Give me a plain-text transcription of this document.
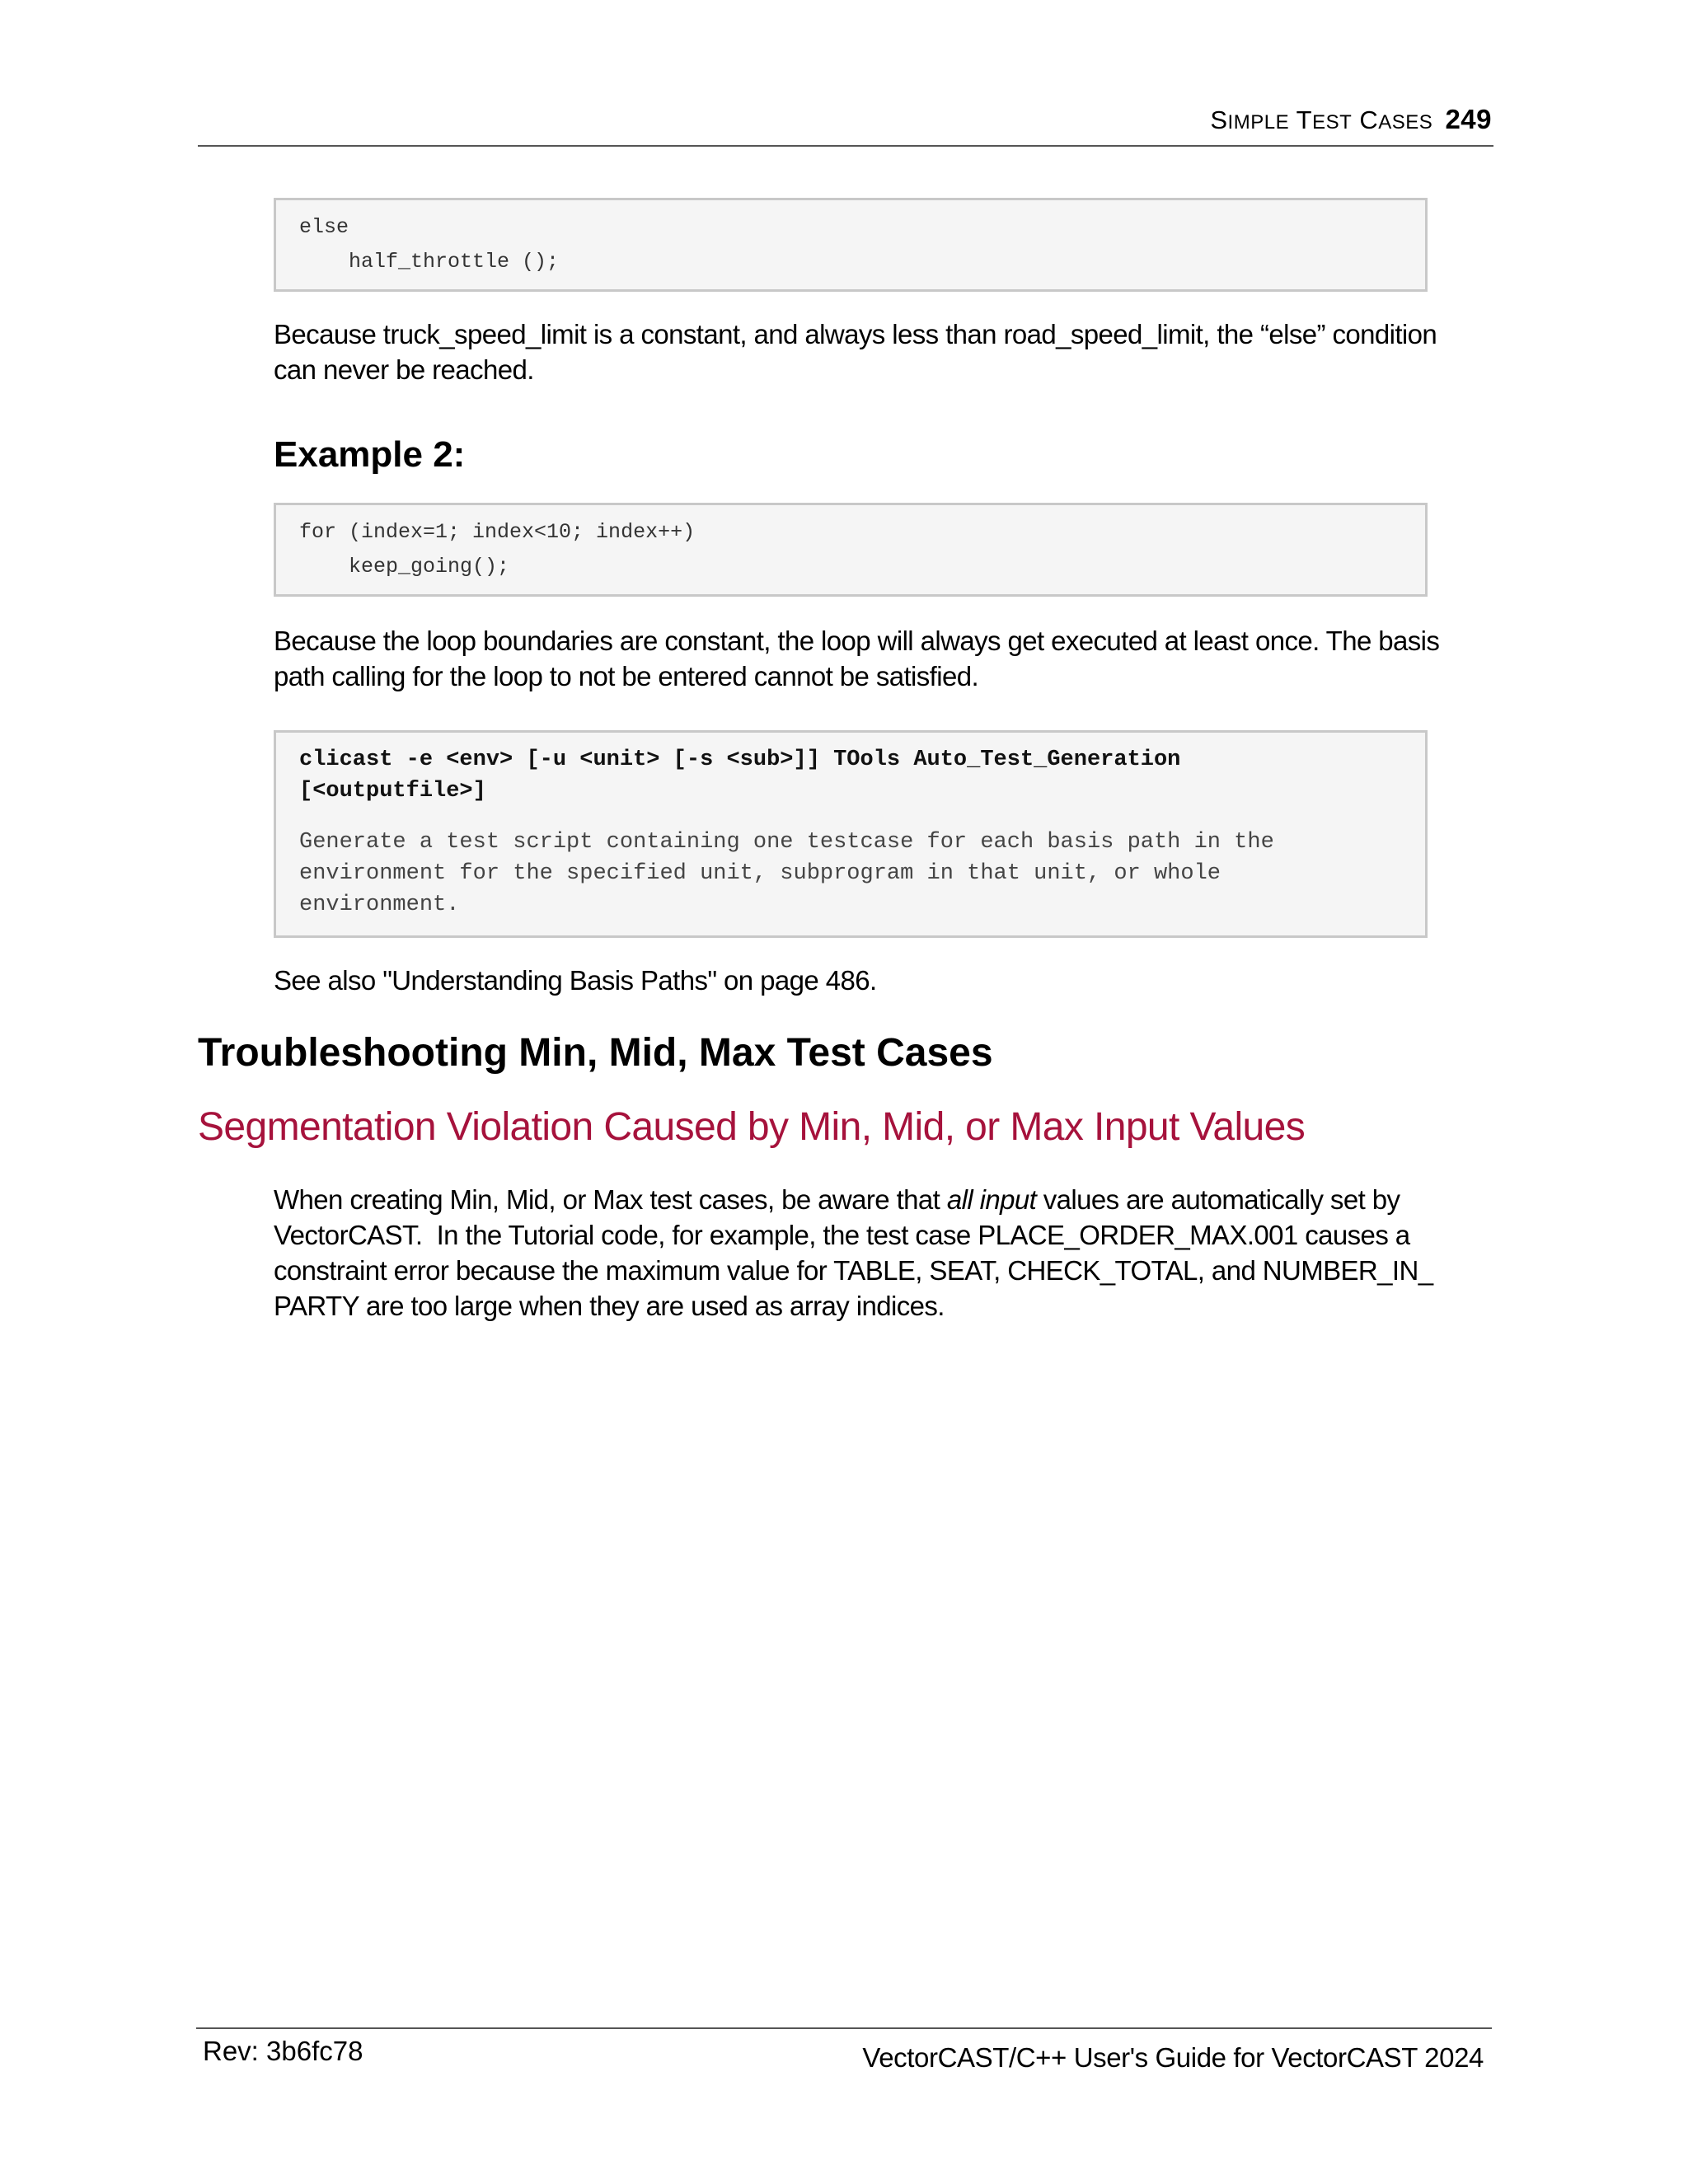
SIMPLE TEST CASES 249
else
half_throttle ();
Because truck_speed_limit is a constant, and always less than road_speed_limit, the “else” condition
can never be reached.
Example 2:
for (index=1; index<10; index++)
keep_going();
Because the loop boundaries are constant, the loop will always get executed at least once. The basis
path calling for the loop to not be entered cannot be satisfied.
clicast -e <env> [-u <unit> [-s <sub>]] TOols Auto_Test_Generation
[<outputfile>]
Generate a test script containing one testcase for each basis path in the
environment for the specified unit, subprogram in that unit, or whole
environment.
See also "Understanding Basis Paths" on page 486.
Troubleshooting Min, Mid, Max Test Cases
Segmentation Violation Caused by Min, Mid, or Max Input Values
When creating Min, Mid, or Max test cases, be aware that all input values are automatically set by
VectorCAST.  In the Tutorial code, for example, the test case PLACE_ORDER_MAX.001 causes a
constraint error because the maximum value for TABLE, SEAT, CHECK_TOTAL, and NUMBER_IN_
PARTY are too large when they are used as array indices.
Rev: 3b6fc78	VectorCAST/C++ User's Guide for VectorCAST 2024
